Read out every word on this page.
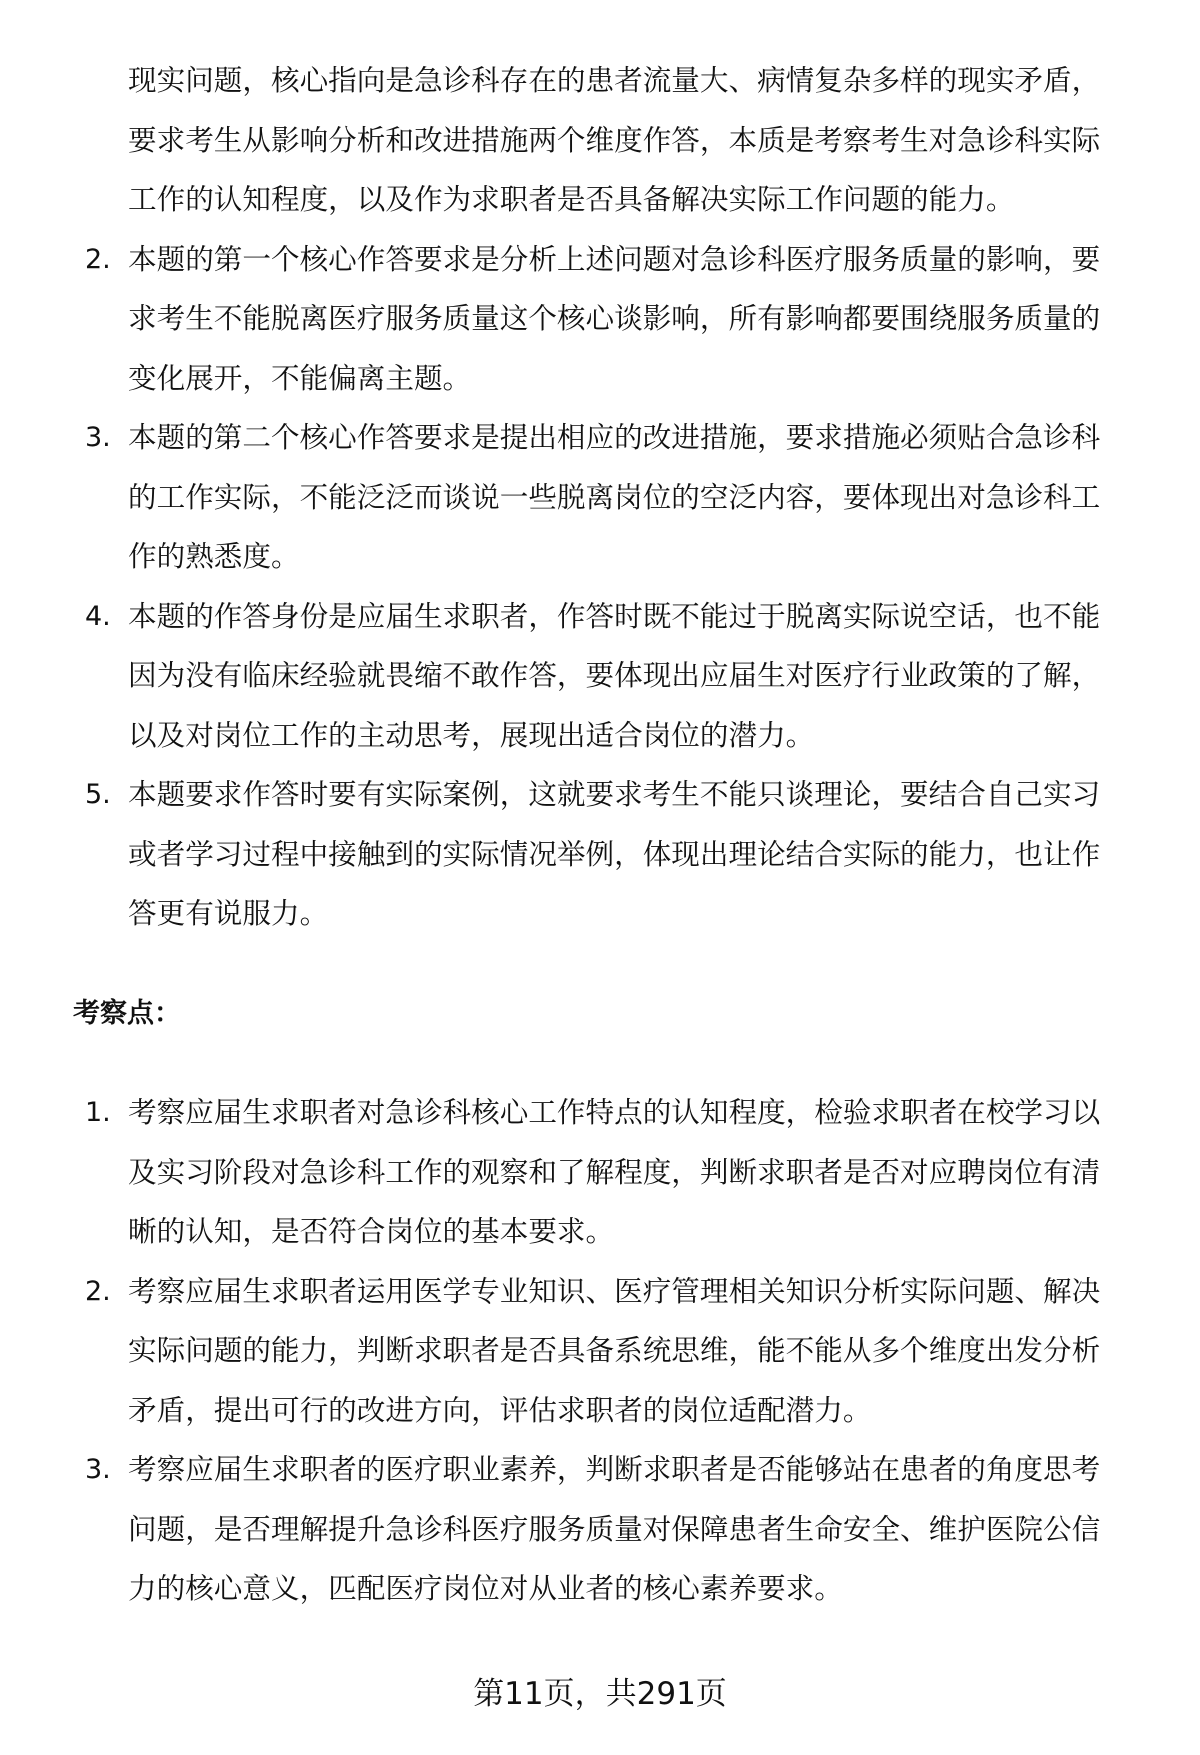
现实问题，核心指向是急诊科存在的患者流量大、病情复杂多样的现实矛盾，
要求考生从影响分析和改进措施两个维度作答，本质是考察考生对急诊科实际
工作的认知程度，以及作为求职者是否具备解决实际工作问题的能力。
2. 本题的第一个核心作答要求是分析上述问题对急诊科医疗服务质量的影响，要
求考生不能脱离医疗服务质量这个核心谈影响，所有影响都要围绕服务质量的
变化展开，不能偏离主题。
3. 本题的第二个核心作答要求是提出相应的改进措施，要求措施必须贴合急诊科
的工作实际，不能泛泛而谈说一些脱离岗位的空泛内容，要体现出对急诊科工
作的熟悉度。
4. 本题的作答身份是应届生求职者，作答时既不能过于脱离实际说空话，也不能
因为没有临床经验就畏缩不敢作答，要体现出应届生对医疗行业政策的了解，
以及对岗位工作的主动思考，展现出适合岗位的潜力。
5. 本题要求作答时要有实际案例，这就要求考生不能只谈理论，要结合自己实习
或者学习过程中接触到的实际情况举例，体现出理论结合实际的能力，也让作
答更有说服力。
考察点：
1. 考察应届生求职者对急诊科核心工作特点的认知程度，检验求职者在校学习以
及实习阶段对急诊科工作的观察和了解程度，判断求职者是否对应聘岗位有清
晰的认知，是否符合岗位的基本要求。
2. 考察应届生求职者运用医学专业知识、医疗管理相关知识分析实际问题、解决
实际问题的能力，判断求职者是否具备系统思维，能不能从多个维度出发分析
矛盾，提出可行的改进方向，评估求职者的岗位适配潜力。
3. 考察应届生求职者的医疗职业素养，判断求职者是否能够站在患者的角度思考
问题，是否理解提升急诊科医疗服务质量对保障患者生命安全、维护医院公信
力的核心意义，匹配医疗岗位对从业者的核心素养要求。
第11页，共291页
